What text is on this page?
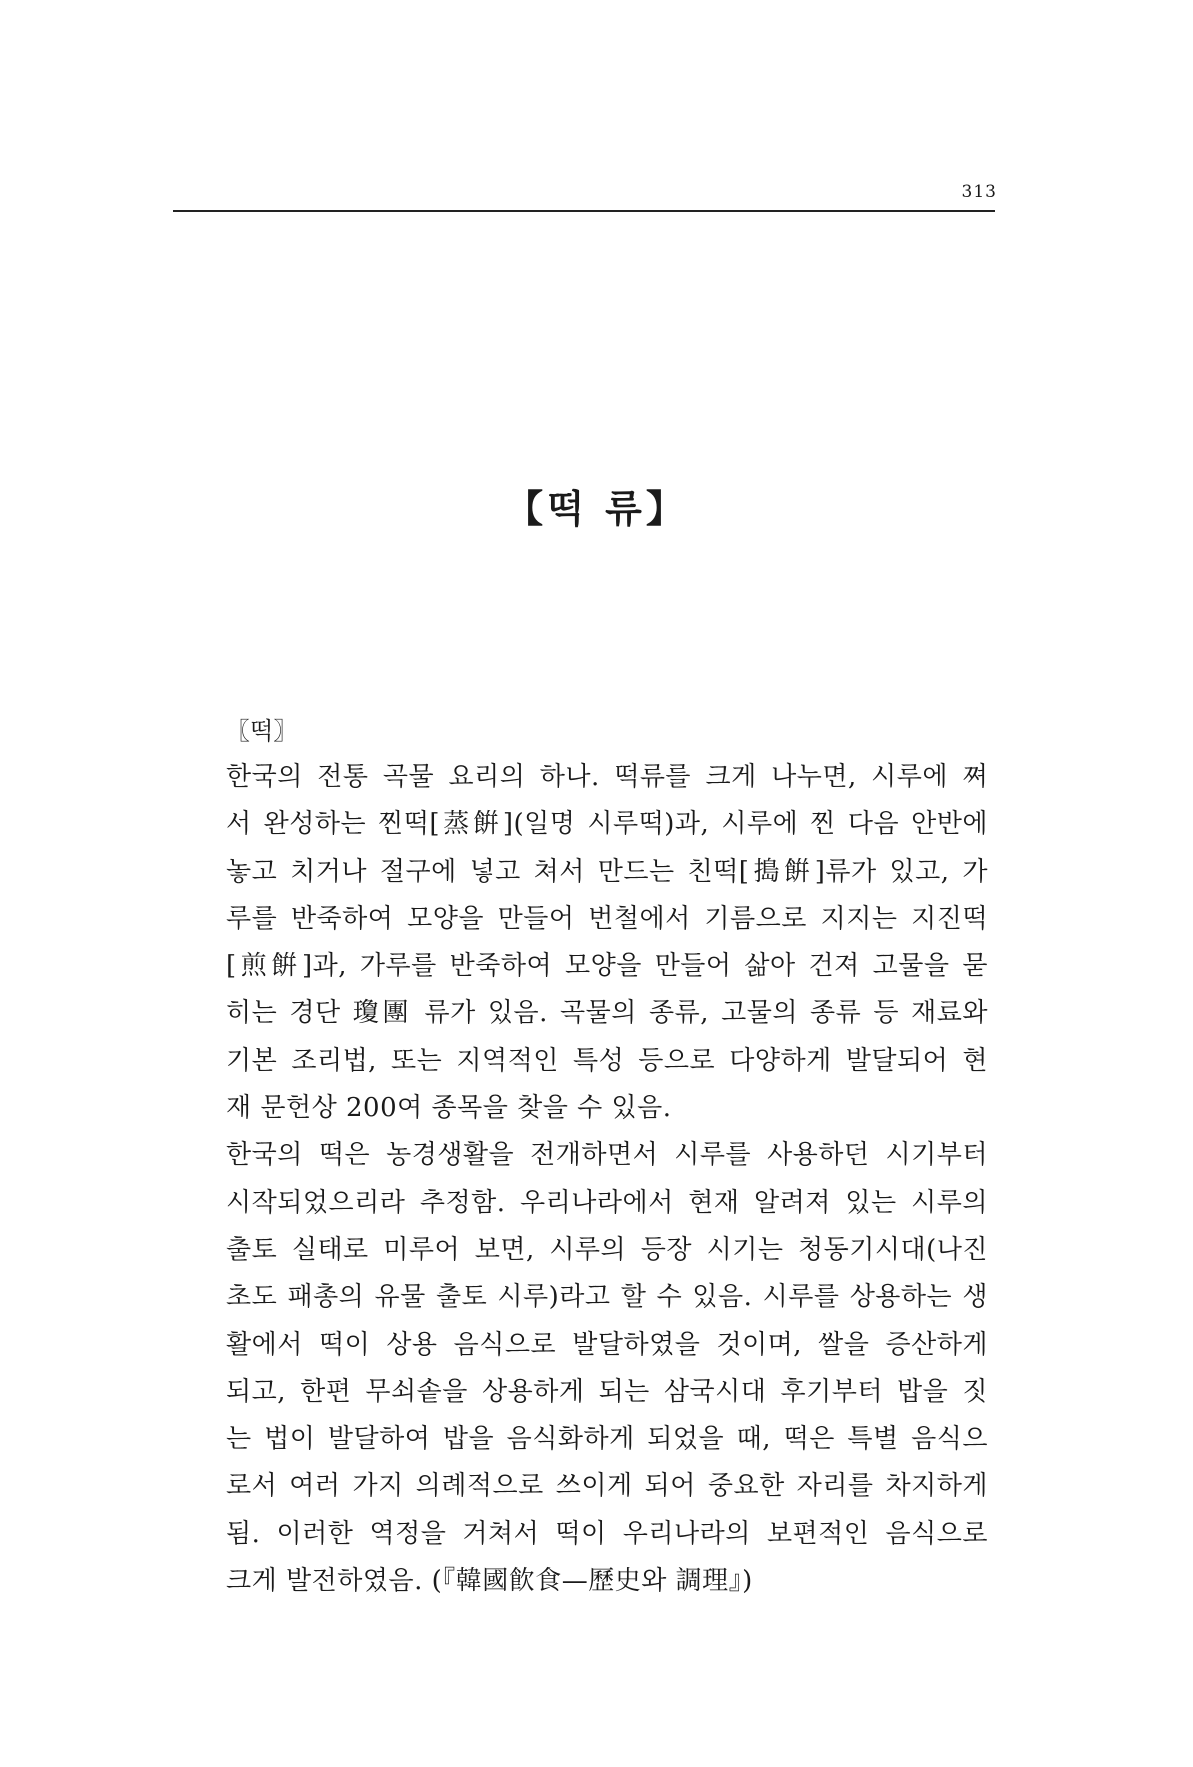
313
【떡 류】
〖떡〗
한국의 전통 곡물 요리의 하나. 떡류를 크게 나누면, 시루에 쪄
서 완성하는 찐떡[蒸餠](일명 시루떡)과, 시루에 찐 다음 안반에
놓고 치거나 절구에 넣고 쳐서 만드는 친떡[搗餠]류가 있고, 가
루를 반죽하여 모양을 만들어 번철에서 기름으로 지지는 지진떡
[煎餠]과, 가루를 반죽하여 모양을 만들어 삶아 건져 고물을 묻
히는 경단 瓊團 류가 있음. 곡물의 종류, 고물의 종류 등 재료와
기본 조리법, 또는 지역적인 특성 등으로 다양하게 발달되어 현
재 문헌상 200여 종목을 찾을 수 있음.
한국의 떡은 농경생활을 전개하면서 시루를 사용하던 시기부터
시작되었으리라 추정함. 우리나라에서 현재 알려져 있는 시루의
출토 실태로 미루어 보면, 시루의 등장 시기는 청동기시대(나진
초도 패총의 유물 출토 시루)라고 할 수 있음. 시루를 상용하는 생
활에서 떡이 상용 음식으로 발달하였을 것이며, 쌀을 증산하게
되고, 한편 무쇠솥을 상용하게 되는 삼국시대 후기부터 밥을 짓
는 법이 발달하여 밥을 음식화하게 되었을 때, 떡은 특별 음식으
로서 여러 가지 의례적으로 쓰이게 되어 중요한 자리를 차지하게
됨. 이러한 역정을 거쳐서 떡이 우리나라의 보편적인 음식으로
크게 발전하였음. (『韓國飮食—歷史와 調理』)
